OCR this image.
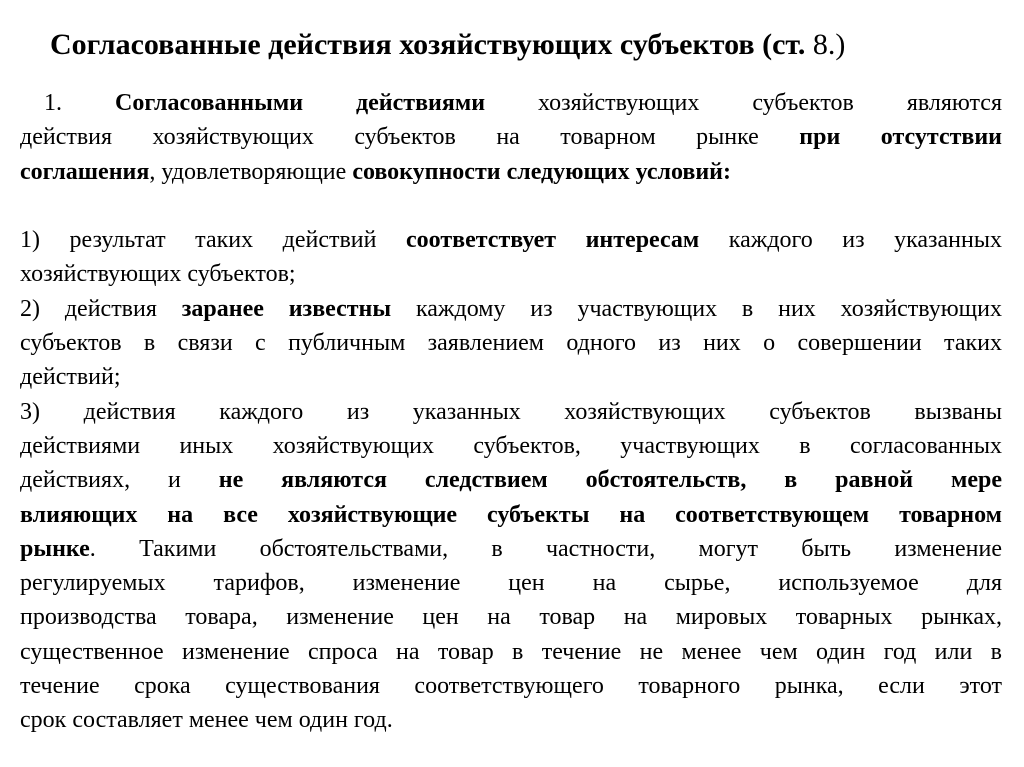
Согласованные действия хозяйствующих субъектов (ст. 8.)
1. Согласованными действиями хозяйствующих субъектов являются
действия хозяйствующих субъектов на товарном рынке при отсутствии
соглашения, удовлетворяющие совокупности следующих условий:

1) результат таких действий соответствует интересам каждого из указанных
хозяйствующих субъектов;
2) действия заранее известны каждому из участвующих в них хозяйствующих
субъектов в связи с публичным заявлением одного из них о совершении таких
действий;
3) действия каждого из указанных хозяйствующих субъектов вызваны
действиями иных хозяйствующих субъектов, участвующих в согласованных
действиях, и не являются следствием обстоятельств, в равной мере
влияющих на все хозяйствующие субъекты на соответствующем товарном
рынке. Такими обстоятельствами, в частности, могут быть изменение
регулируемых тарифов, изменение цен на сырье, используемое для
производства товара, изменение цен на товар на мировых товарных рынках,
существенное изменение спроса на товар в течение не менее чем один год или в
течение срока существования соответствующего товарного рынка, если этот
срок составляет менее чем один год.
